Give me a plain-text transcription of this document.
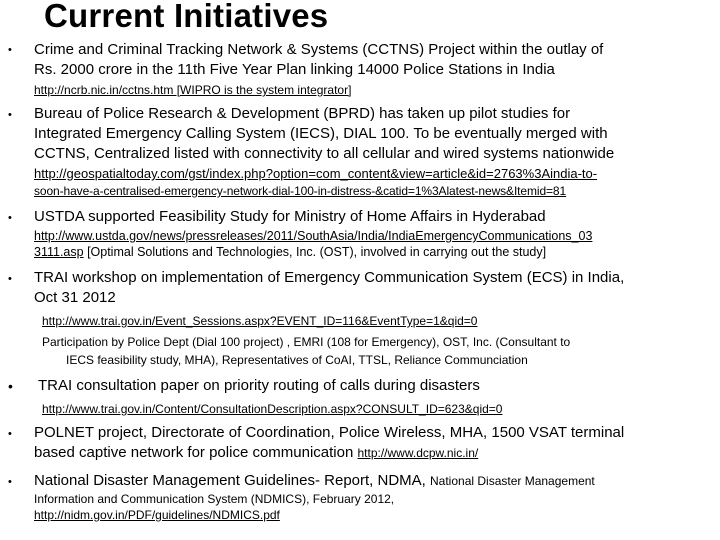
Current Initiatives
• Crime and Criminal Tracking Network & Systems (CCTNS) Project within the outlay of
Rs. 2000 crore in the 11th Five Year Plan linking 14000 Police Stations in India
http://ncrb.nic.in/cctns.htm [WIPRO is the system integrator]
• Bureau of Police Research & Development (BPRD) has taken up pilot studies for
Integrated Emergency Calling System (IECS), DIAL 100. To be eventually merged with
CCTNS, Centralized listed with connectivity to all cellular and wired systems nationwide
http://geospatialtoday.com/gst/index.php?option=com_content&view=article&id=2763%3Aindia-to-
soon-have-a-centralised-emergency-network-dial-100-in-distress-&catid=1%3Alatest-news&Itemid=81
• USTDA supported Feasibility Study for Ministry of Home Affairs in Hyderabad
http://www.ustda.gov/news/pressreleases/2011/SouthAsia/India/IndiaEmergencyCommunications_03
3111.asp [Optimal Solutions and Technologies, Inc. (OST), involved in carrying out the study]
• TRAI workshop on implementation of Emergency Communication System (ECS) in India,
Oct 31 2012
http://www.trai.gov.in/Event_Sessions.aspx?EVENT_ID=116&EventType=1&qid=0
Participation by Police Dept (Dial 100 project) , EMRI (108 for Emergency), OST, Inc. (Consultant to
IECS feasibility study, MHA), Representatives of CoAI, TTSL, Reliance Communciation
• TRAI consultation paper on priority routing of calls during disasters
http://www.trai.gov.in/Content/ConsultationDescription.aspx?CONSULT_ID=623&qid=0
• POLNET project, Directorate of Coordination, Police Wireless, MHA, 1500 VSAT terminal
based captive network for police communication http://www.dcpw.nic.in/
• National Disaster Management Guidelines- Report, NDMA, National Disaster Management
Information and Communication System (NDMICS), February 2012,
http://nidm.gov.in/PDF/guidelines/NDMICS.pdf
